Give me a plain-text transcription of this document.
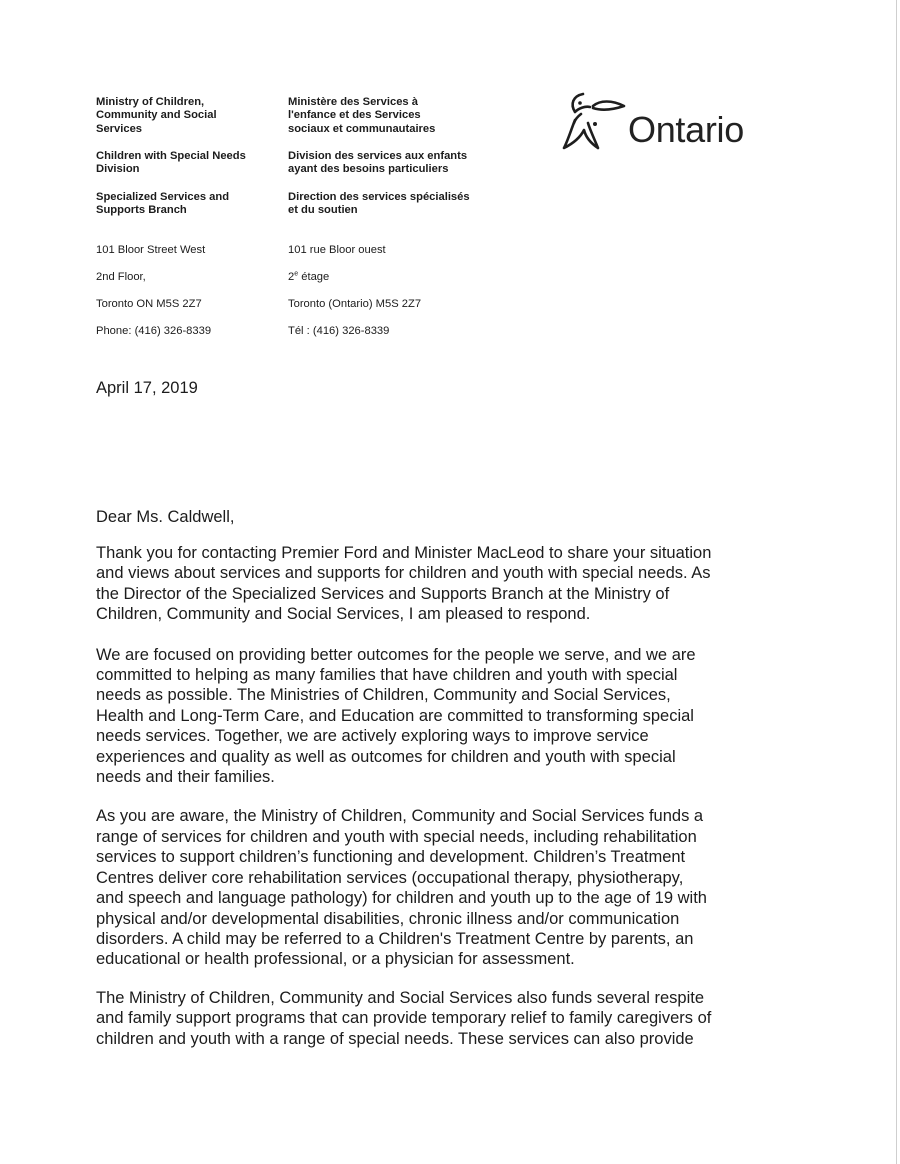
Ministry of Children,
Community and Social
Services

Children with Special Needs
Division

Specialized Services and
Supports Branch

101 Bloor Street West

2nd Floor,

Toronto ON M5S 2Z7

Phone: (416) 326-8339

Ministère des Services à
l'enfance et des Services
sociaux et communautaires

Division des services aux enfants
ayant des besoins particuliers

Direction des services spécialisés
et du soutien

101 rue Bloor ouest

2e étage

Toronto (Ontario) M5S 2Z7

Tél : (416) 326-8339

Ontario
April 17, 2019
Dear Ms. Caldwell,

Thank you for contacting Premier Ford and Minister MacLeod to share your situation
and views about services and supports for children and youth with special needs. As
the Director of the Specialized Services and Supports Branch at the Ministry of
Children, Community and Social Services, I am pleased to respond.

We are focused on providing better outcomes for the people we serve, and we are
committed to helping as many families that have children and youth with special
needs as possible. The Ministries of Children, Community and Social Services,
Health and Long-Term Care, and Education are committed to transforming special
needs services. Together, we are actively exploring ways to improve service
experiences and quality as well as outcomes for children and youth with special
needs and their families.

As you are aware, the Ministry of Children, Community and Social Services funds a
range of services for children and youth with special needs, including rehabilitation
services to support children’s functioning and development. Children’s Treatment
Centres deliver core rehabilitation services (occupational therapy, physiotherapy,
and speech and language pathology) for children and youth up to the age of 19 with
physical and/or developmental disabilities, chronic illness and/or communication
disorders. A child may be referred to a Children's Treatment Centre by parents, an
educational or health professional, or a physician for assessment.

The Ministry of Children, Community and Social Services also funds several respite
and family support programs that can provide temporary relief to family caregivers of
children and youth with a range of special needs. These services can also provide
